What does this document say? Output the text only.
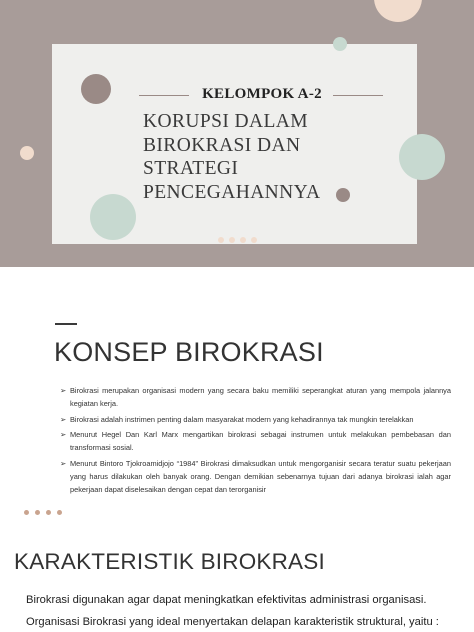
KELOMPOK A-2
KORUPSI DALAM
BIROKRASI DAN
STRATEGI
PENCEGAHANNYA
KONSEP BIROKRASI
➢ Birokrasi merupakan organisasi modern yang secara baku memiliki seperangkat aturan yang mempola jalannya kegiatan kerja.
➢ Birokrasi adalah instrimen penting dalam masyarakat modern yang kehadirannya tak mungkin terelakkan
➢ Menurut Hegel Dan Karl Marx mengartikan birokrasi sebagai instrumen untuk melakukan pembebasan dan transformasi sosial.
➢ Menurut Bintoro Tjokroamidjojo “1984” Birokrasi dimaksudkan untuk mengorganisir secara teratur suatu pekerjaan yang harus dilakukan oleh banyak orang. Dengan demikian sebenarnya tujuan dari adanya birokrasi ialah agar pekerjaan dapat diselesaikan dengan cepat dan terorganisir
KARAKTERISTIK BIROKRASI
Birokrasi digunakan agar dapat meningkatkan efektivitas administrasi organisasi.
Organisasi Birokrasi yang ideal menyertakan delapan karakteristik struktural, yaitu :
